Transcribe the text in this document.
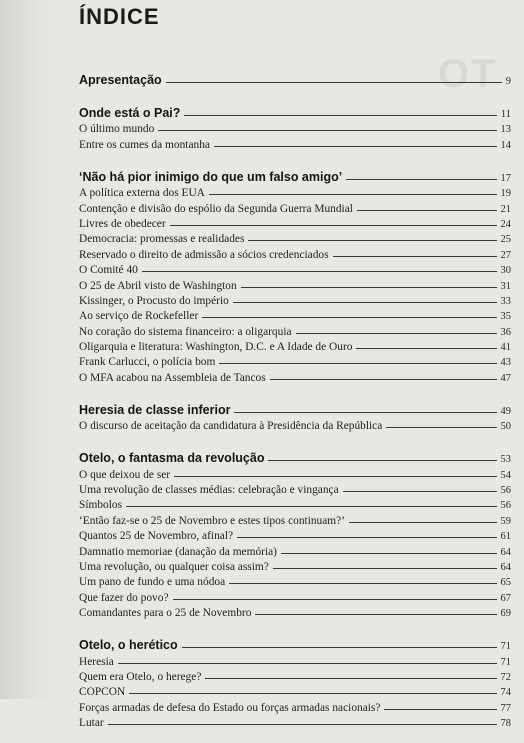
OT
ÍNDICE
Apresentação	9
Onde está o Pai?	11
O último mundo	13
Entre os cumes da montanha	14
‘Não há pior inimigo do que um falso amigo’	17
A política externa dos EUA	19
Contenção e divisão do espólio da Segunda Guerra Mundial	21
Livres de obedecer	24
Democracia: promessas e realidades	25
Reservado o direito de admissão a sócios credenciados	27
O Comité 40	30
O 25 de Abril visto de Washington	31
Kissinger, o Procusto do império	33
Ao serviço de Rockefeller	35
No coração do sistema financeiro: a oligarquia	36
Oligarquia e literatura: Washington, D.C. e A Idade de Ouro	41
Frank Carlucci, o polícia bom	43
O MFA acabou na Assembleia de Tancos	47
Heresia de classe inferior	49
O discurso de aceitação da candidatura à Presidência da República	50
Otelo, o fantasma da revolução	53
O que deixou de ser	54
Uma revolução de classes médias: celebração e vingança	56
Símbolos	56
‘Então faz-se o 25 de Novembro e estes tipos continuam?’	59
Quantos 25 de Novembro, afinal?	61
Damnatio memoriae (danação da memória)	64
Uma revolução, ou qualquer coisa assim?	64
Um pano de fundo e uma nódoa	65
Que fazer do povo?	67
Comandantes para o 25 de Novembro	69
Otelo, o herético	71
Heresia	71
Quem era Otelo, o herege?	72
COPCON	74
Forças armadas de defesa do Estado ou forças armadas nacionais?	77
Lutar	78
